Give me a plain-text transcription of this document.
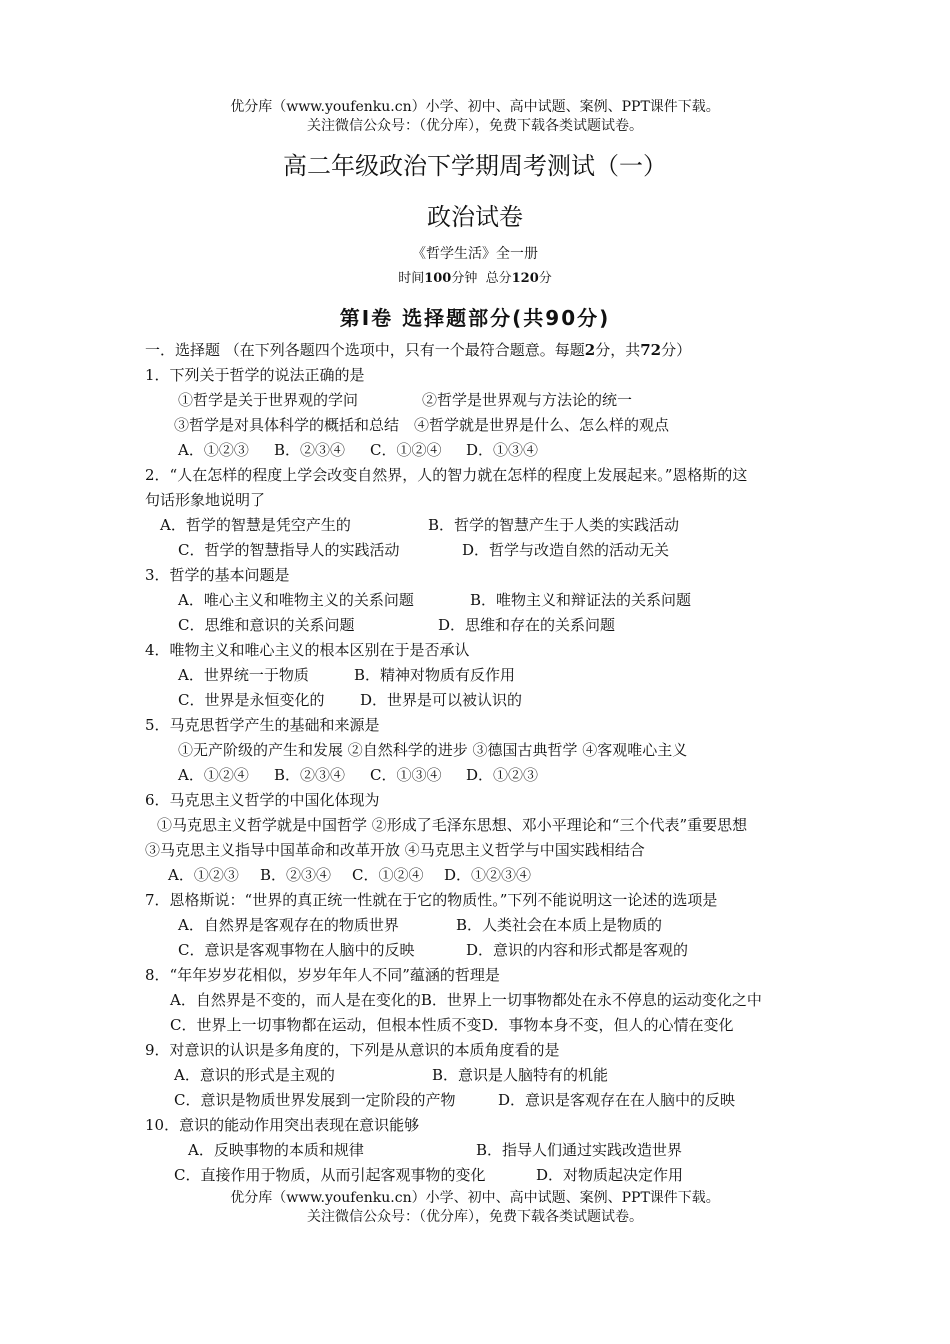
优分库（www.youfenku.cn）小学、初中、高中试题、案例、PPT课件下载。
关注微信公众号：（优分库），免费下载各类试题试卷。
高二年级政治下学期周考测试（一）
政治试卷
《哲学生活》全一册
时间100分钟 总分120分
第Ⅰ卷 选择题部分(共90分)
一．选择题 （在下列各题四个选项中，只有一个最符合题意。每题2分，共72分）
1．下列关于哲学的说法正确的是
①哲学是关于世界观的学问	②哲学是世界观与方法论的统一
③哲学是对具体科学的概括和总结 ④哲学就是世界是什么、怎么样的观点
A．①②③ B．②③④ C．①②④ D．①③④
2．“人在怎样的程度上学会改变自然界，人的智力就在怎样的程度上发展起来。”恩格斯的这
句话形象地说明了
A．哲学的智慧是凭空产生的	B．哲学的智慧产生于人类的实践活动
C．哲学的智慧指导人的实践活动	D．哲学与改造自然的活动无关
3．哲学的基本问题是
A．唯心主义和唯物主义的关系问题	B．唯物主义和辩证法的关系问题
C．思维和意识的关系问题	D．思维和存在的关系问题
4．唯物主义和唯心主义的根本区别在于是否承认
A．世界统一于物质	B．精神对物质有反作用
C．世界是永恒变化的 D．世界是可以被认识的
5．马克思哲学产生的基础和来源是
①无产阶级的产生和发展 ②自然科学的进步 ③德国古典哲学 ④客观唯心主义
A．①②④ B．②③④ C．①③④ D．①②③
6．马克思主义哲学的中国化体现为
①马克思主义哲学就是中国哲学 ②形成了毛泽东思想、邓小平理论和“三个代表”重要思想
③马克思主义指导中国革命和改革开放 ④马克思主义哲学与中国实践相结合
A．①②③ B．②③④ C．①②④ D．①②③④
7．恩格斯说：“世界的真正统一性就在于它的物质性。”下列不能说明这一论述的选项是
A．自然界是客观存在的物质世界	B．人类社会在本质上是物质的
C．意识是客观事物在人脑中的反映	D．意识的内容和形式都是客观的
8．“年年岁岁花相似，岁岁年年人不同”蕴涵的哲理是
A．自然界是不变的，而人是在变化的B．世界上一切事物都处在永不停息的运动变化之中
C．世界上一切事物都在运动，但根本性质不变D．事物本身不变，但人的心情在变化
9．对意识的认识是多角度的，下列是从意识的本质角度看的是
A．意识的形式是主观的	B．意识是人脑特有的机能
C．意识是物质世界发展到一定阶段的产物	D．意识是客观存在在人脑中的反映
10．意识的能动作用突出表现在意识能够
A．反映事物的本质和规律	B．指导人们通过实践改造世界
C．直接作用于物质，从而引起客观事物的变化	D．对物质起决定作用
优分库（www.youfenku.cn）小学、初中、高中试题、案例、PPT课件下载。
关注微信公众号：（优分库），免费下载各类试题试卷。
